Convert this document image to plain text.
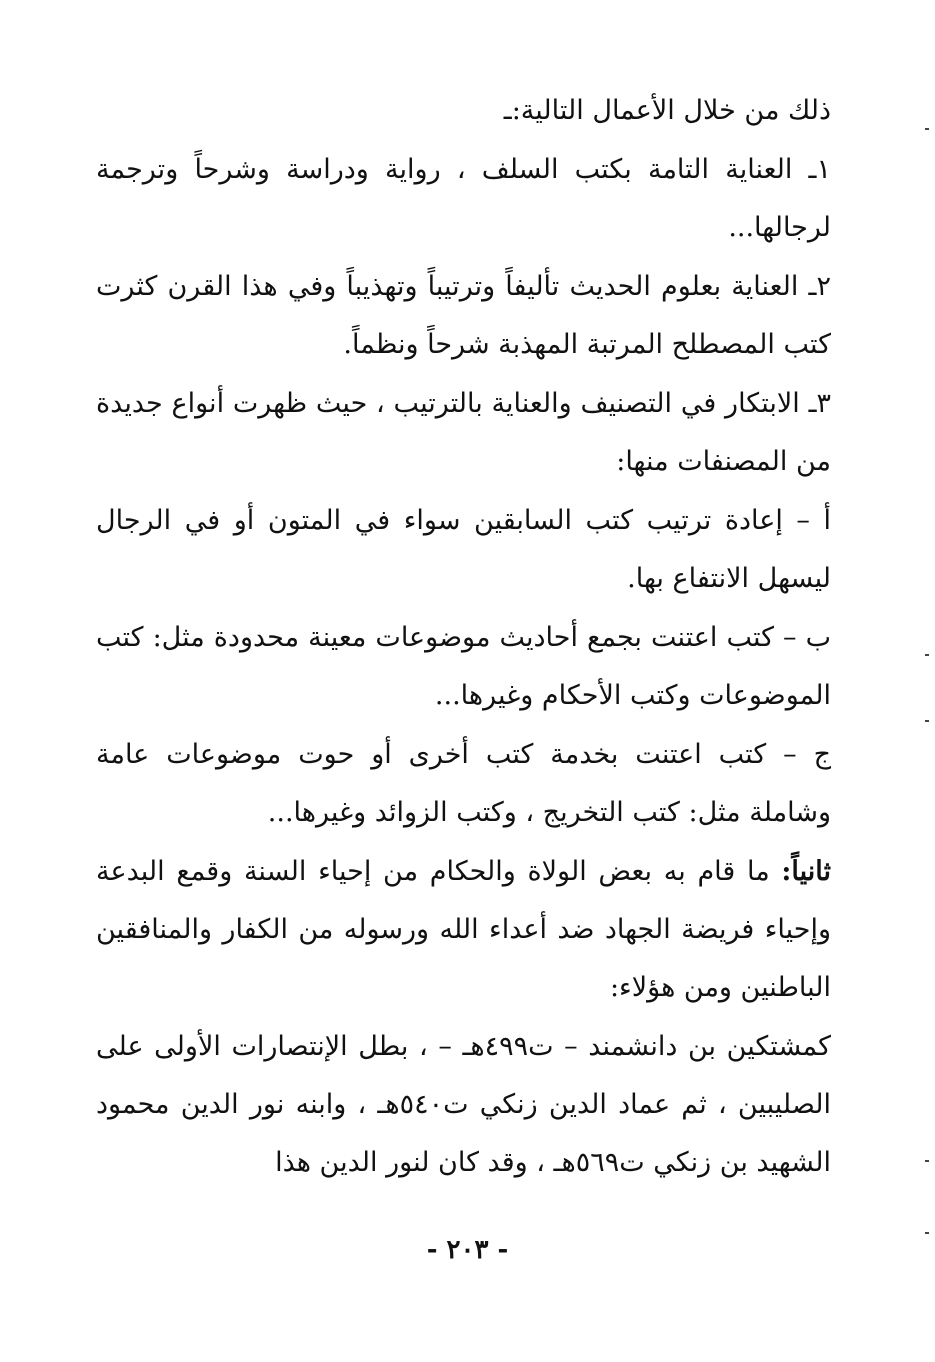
ذلك من خلال الأعمال التالية:ـ

١ـ العناية التامة بكتب السلف ، رواية ودراسة وشرحاً وترجمة لرجالها...

٢ـ العناية بعلوم الحديث تأليفاً وترتيباً وتهذيباً وفي هذا القرن كثرت كتب المصطلح المرتبة المهذبة شرحاً ونظماً.

٣ـ الابتكار في التصنيف والعناية بالترتيب ، حيث ظهرت أنواع جديدة من المصنفات منها:

أ – إعادة ترتيب كتب السابقين سواء في المتون أو في الرجال ليسهل الانتفاع بها.

ب – كتب اعتنت بجمع أحاديث موضوعات معينة محدودة مثل: كتب الموضوعات وكتب الأحكام وغيرها...

ج – كتب اعتنت بخدمة كتب أخرى أو حوت موضوعات عامة وشاملة مثل: كتب التخريج ، وكتب الزوائد وغيرها...

ثانياً: ما قام به بعض الولاة والحكام من إحياء السنة وقمع البدعة وإحياء فريضة الجهاد ضد أعداء الله ورسوله من الكفار والمنافقين الباطنين ومن هؤلاء:

كمشتكين بن دانشمند – ت٤٩٩هـ – ، بطل الإنتصارات الأولى على الصليبين ، ثم عماد الدين زنكي ت٥٤٠هـ ، وابنه نور الدين محمود الشهيد بن زنكي ت٥٦٩هـ ، وقد كان لنور الدين هذا

- ٢٠٣ -
